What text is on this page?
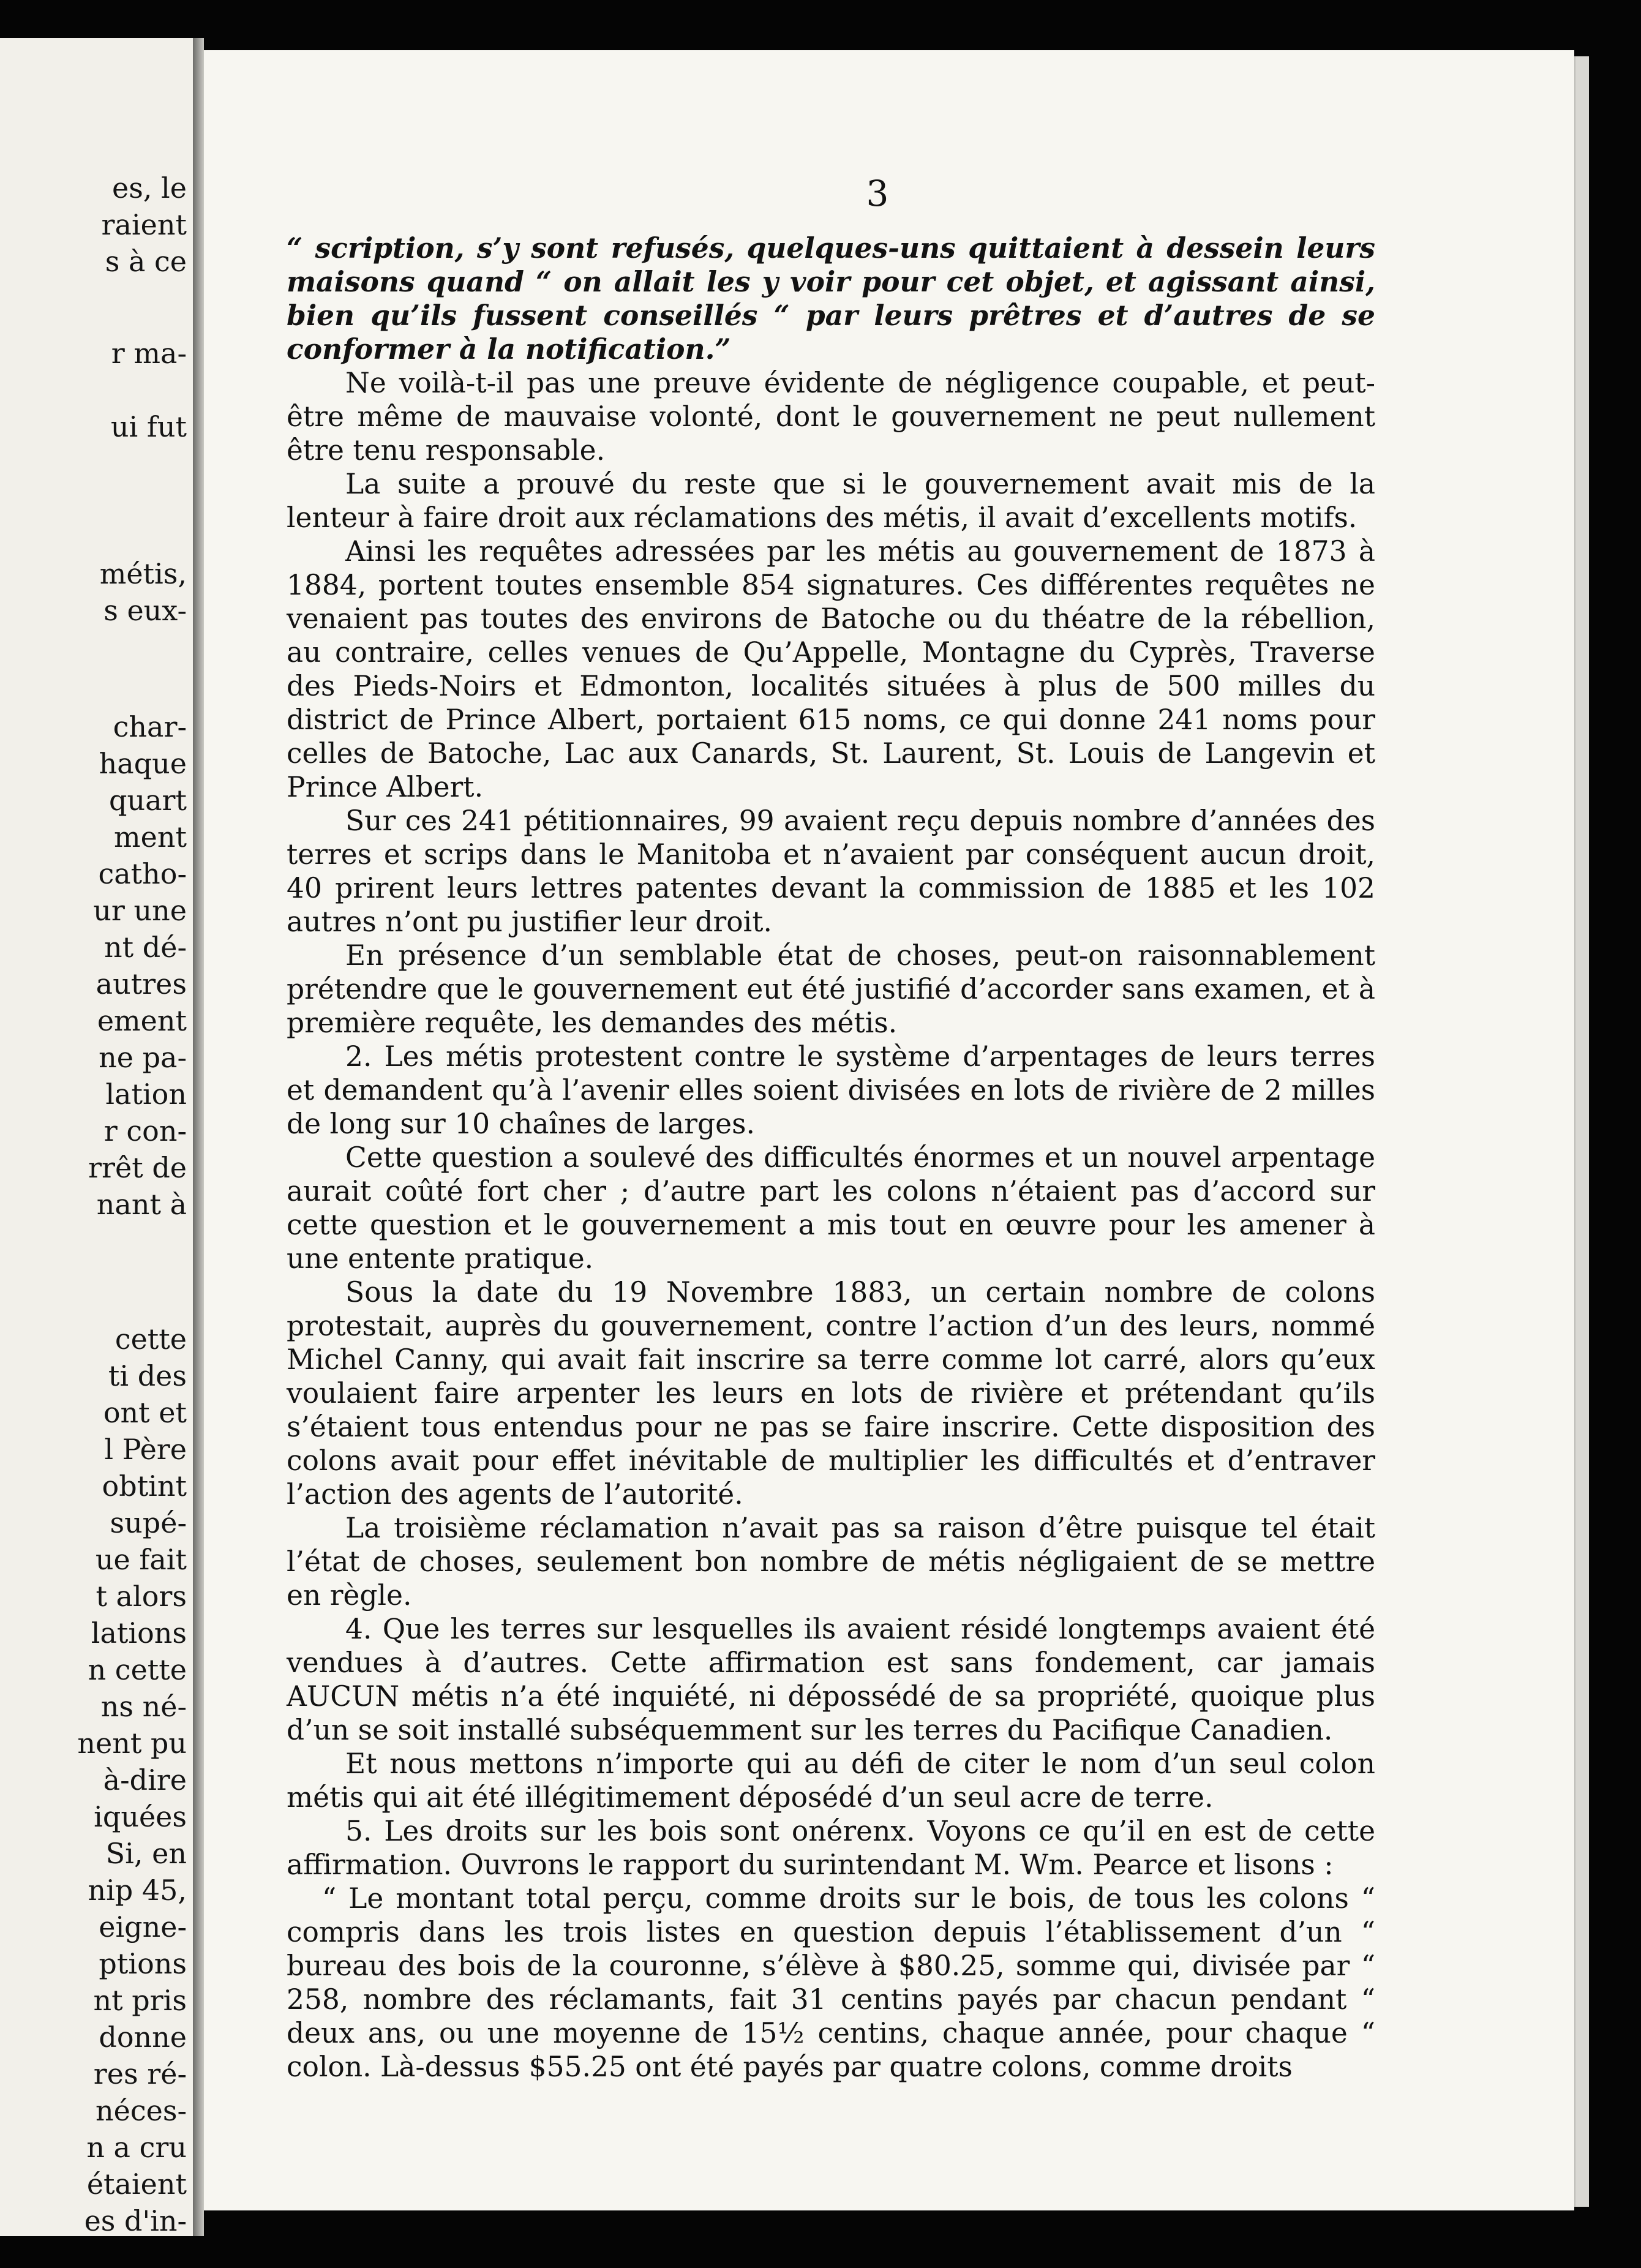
es, le
raient
s à ce
r ma-
ui fut
métis,
s eux-
char-
haque
quart
ment
catho-
ur une
nt dé-
autres
ement
ne pa-
lation
r con-
rrêt de
nant à
cette
ti des
ont et
l Père
obtint
supé-
ue fait
t alors
lations
n cette
ns né-
nent pu
à-dire
iquées
Si, en
nip 45,
eigne-
ptions
nt pris
donne
res ré-
néces-
n a cru
étaient
es d'in-
3

“ scription, s’y sont refusés, quelques-uns quittaient à dessein leurs maisons quand “ on allait les y voir pour cet objet, et agissant ainsi, bien qu’ils fussent conseillés “ par leurs prêtres et d’autres de se conformer à la notification.”

Ne voilà-t-il pas une preuve évidente de négligence coupable, et peut-être même de mauvaise volonté, dont le gouvernement ne peut nullement être tenu responsable.

La suite a prouvé du reste que si le gouvernement avait mis de la lenteur à faire droit aux réclamations des métis, il avait d’excellents motifs.

Ainsi les requêtes adressées par les métis au gouvernement de 1873 à 1884, portent toutes ensemble 854 signatures. Ces différentes requêtes ne venaient pas toutes des environs de Batoche ou du théatre de la rébellion, au contraire, celles venues de Qu’Appelle, Montagne du Cyprès, Traverse des Pieds-Noirs et Edmonton, localités situées à plus de 500 milles du district de Prince Albert, portaient 615 noms, ce qui donne 241 noms pour celles de Batoche, Lac aux Canards, St. Laurent, St. Louis de Langevin et Prince Albert.

Sur ces 241 pétitionnaires, 99 avaient reçu depuis nombre d’années des terres et scrips dans le Manitoba et n’avaient par conséquent aucun droit, 40 prirent leurs lettres patentes devant la commission de 1885 et les 102 autres n’ont pu justifier leur droit.

En présence d’un semblable état de choses, peut-on raisonnablement prétendre que le gouvernement eut été justifié d’accorder sans examen, et à première requête, les demandes des métis.

2. Les métis protestent contre le système d’arpentages de leurs terres et demandent qu’à l’avenir elles soient divisées en lots de rivière de 2 milles de long sur 10 chaînes de larges.

Cette question a soulevé des difficultés énormes et un nouvel arpentage aurait coûté fort cher ; d’autre part les colons n’étaient pas d’accord sur cette question et le gouvernement a mis tout en œuvre pour les amener à une entente pratique.

Sous la date du 19 Novembre 1883, un certain nombre de colons protestait, auprès du gouvernement, contre l’action d’un des leurs, nommé Michel Canny, qui avait fait inscrire sa terre comme lot carré, alors qu’eux voulaient faire arpenter les leurs en lots de rivière et prétendant qu’ils s’étaient tous entendus pour ne pas se faire inscrire. Cette disposition des colons avait pour effet inévitable de multiplier les difficultés et d’entraver l’action des agents de l’autorité.

La troisième réclamation n’avait pas sa raison d’être puisque tel était l’état de choses, seulement bon nombre de métis négligaient de se mettre en règle.

4. Que les terres sur lesquelles ils avaient résidé longtemps avaient été vendues à d’autres. Cette affirmation est sans fondement, car jamais AUCUN métis n’a été inquiété, ni dépossédé de sa propriété, quoique plus d’un se soit installé subséquemment sur les terres du Pacifique Canadien.

Et nous mettons n’importe qui au défi de citer le nom d’un seul colon métis qui ait été illégitimement déposédé d’un seul acre de terre.

5. Les droits sur les bois sont onérenx. Voyons ce qu’il en est de cette affirmation. Ouvrons le rapport du surintendant M. Wm. Pearce et lisons :

“ Le montant total perçu, comme droits sur le bois, de tous les colons “ compris dans les trois listes en question depuis l’établissement d’un “ bureau des bois de la couronne, s’élève à $80.25, somme qui, divisée par “ 258, nombre des réclamants, fait 31 centins payés par chacun pendant “ deux ans, ou une moyenne de 15½ centins, chaque année, pour chaque “ colon. Là-dessus $55.25 ont été payés par quatre colons, comme droits
